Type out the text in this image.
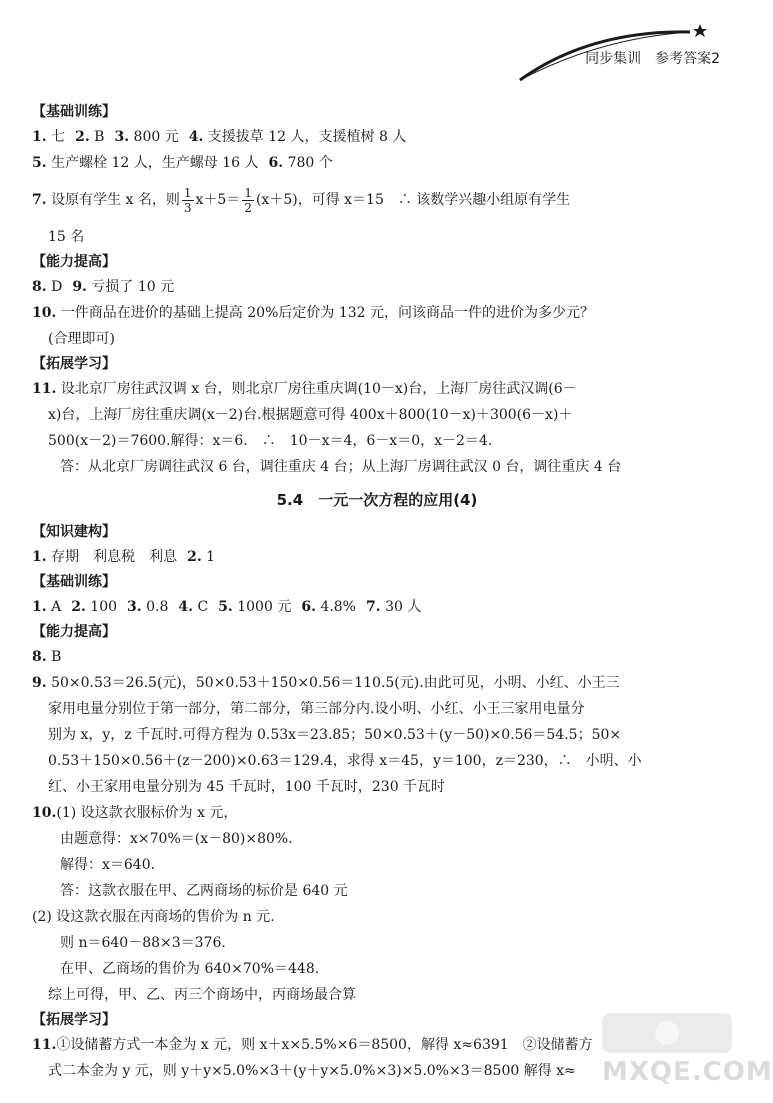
同步集训 参考答案2
【基础训练】
1. 七 2. B 3. 800 元 4. 支援拔草 12 人，支援植树 8 人
5. 生产螺栓 12 人，生产螺母 16 人 6. 780 个
7. 设原有学生 x 名，则 $\frac{1}{3} x+5= \frac{1}{2} (x+5)$，可得 x＝15　∴ 该数学兴趣小组原有学生
15 名
【能力提高】
8. D 9. 亏损了 10 元
10. 一件商品在进价的基础上提高 20%后定价为 132 元，问该商品一件的进价为多少元？
(合理即可)
【拓展学习】
11. 设北京厂房往武汉调 x 台，则北京厂房往重庆调(10－x)台，上海厂房往武汉调(6－
x)台，上海厂房往重庆调(x－2)台.根据题意可得 400x＋800(10－x)＋300(6－x)＋
500(x－2)＝7600.解得：x＝6.　∴　10－x＝4，6－x＝0，x－2＝4.
答：从北京厂房调往武汉 6 台，调往重庆 4 台；从上海厂房调往武汉 0 台，调往重庆 4 台
5.4　一元一次方程的应用(4)
【知识建构】
1. 存期　利息税　利息 2. 1
【基础训练】
1. A 2. 100 3. 0.8 4. C 5. 1000 元 6. 4.8% 7. 30 人
【能力提高】
8. B
9. 50×0.53＝26.5(元)，50×0.53＋150×0.56＝110.5(元).由此可见，小明、小红、小王三
家用电量分别位于第一部分，第二部分，第三部分内.设小明、小红、小王三家用电量分
别为 x，y，z 千瓦时.可得方程为 0.53x＝23.85；50×0.53＋(y－50)×0.56＝54.5；50×
0.53＋150×0.56＋(z－200)×0.63＝129.4，求得 x＝45，y＝100，z＝230，∴　小明、小
红、小王家用电量分别为 45 千瓦时，100 千瓦时，230 千瓦时
10.(1) 设这款衣服标价为 x 元，
由题意得：x×70%＝(x－80)×80%.
解得：x＝640.
答：这款衣服在甲、乙两商场的标价是 640 元
(2) 设这款衣服在丙商场的售价为 n 元.
则 n＝640－88×3＝376.
在甲、乙商场的售价为 640×70%＝448.
综上可得，甲、乙、丙三个商场中，丙商场最合算
【拓展学习】
11.①设储蓄方式一本金为 x 元，则 x＋x×5.5%×6＝8500，解得 x≈6391　②设储蓄方
式二本金为 y 元，则 y＋y×5.0%×3＋(y＋y×5.0%×3)×5.0%×3＝8500 解得 x≈	MXQE.COM
